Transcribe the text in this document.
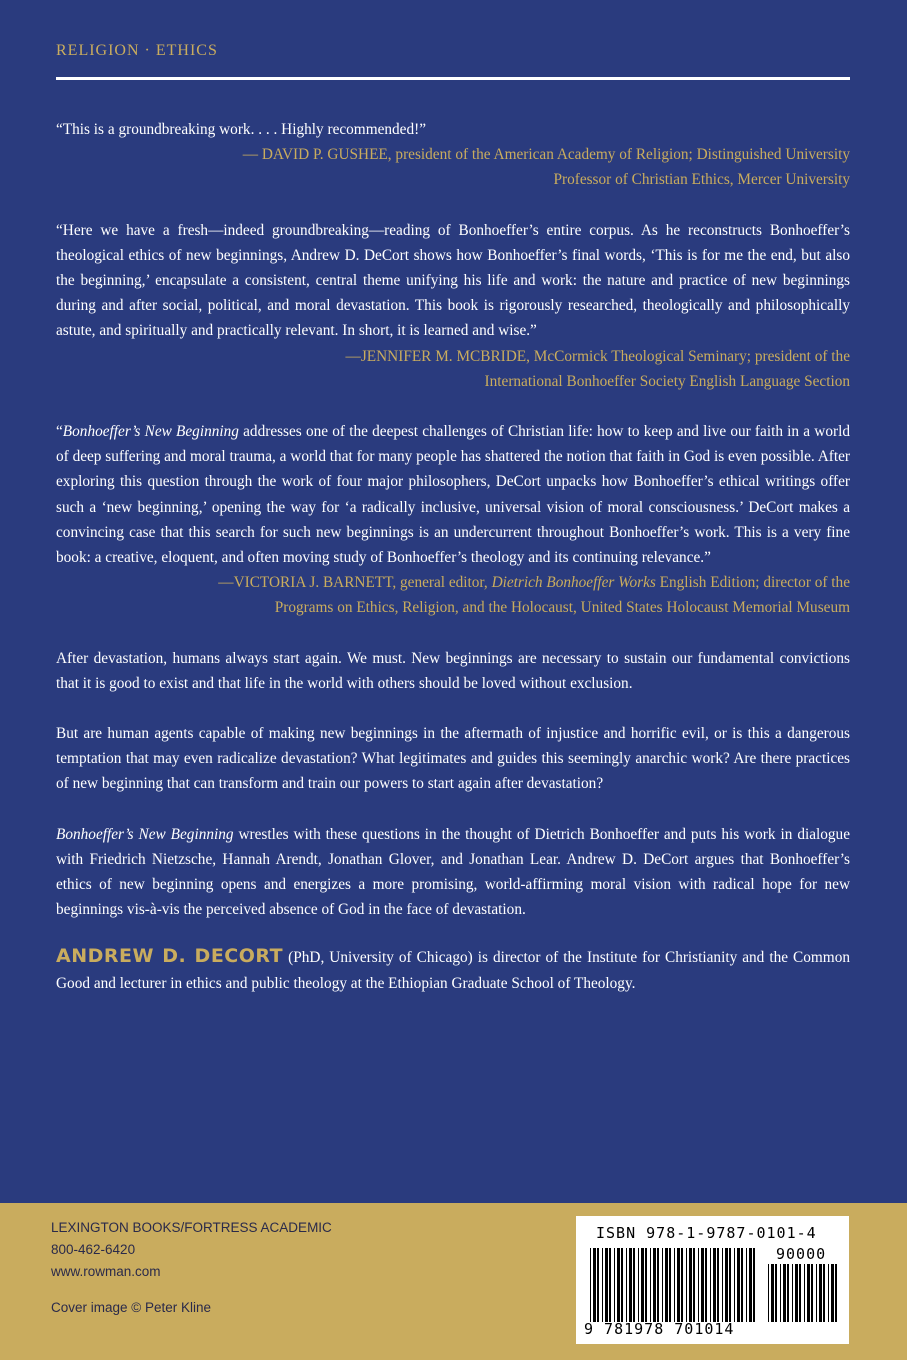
RELIGION · ETHICS

“This is a groundbreaking work. . . . Highly recommended!”

— DAVID P. GUSHEE, president of the American Academy of Religion; Distinguished University

Professor of Christian Ethics, Mercer University

“Here we have a fresh—indeed groundbreaking—reading of Bonhoeffer’s entire corpus. As he reconstructs Bonhoeffer’s theological ethics of new beginnings, Andrew D. DeCort shows how Bonhoeffer’s final words, ‘This is for me the end, but also the beginning,’ encapsulate a consistent, central theme unifying his life and work: the nature and practice of new beginnings during and after social, political, and moral devastation. This book is rigorously researched, theologically and philosophically astute, and spiritually and practically relevant. In short, it is learned and wise.”

—JENNIFER M. MCBRIDE, McCormick Theological Seminary; president of the

International Bonhoeffer Society English Language Section

“Bonhoeffer’s New Beginning addresses one of the deepest challenges of Christian life: how to keep and live our faith in a world of deep suffering and moral trauma, a world that for many people has shattered the notion that faith in God is even possible. After exploring this question through the work of four major philosophers, DeCort unpacks how Bonhoeffer’s ethical writings offer such a ‘new beginning,’ opening the way for ‘a radically inclusive, universal vision of moral consciousness.’ DeCort makes a convincing case that this search for such new beginnings is an undercurrent throughout Bonhoeffer’s work. This is a very fine book: a creative, eloquent, and often moving study of Bonhoeffer’s theology and its continuing relevance.”

—VICTORIA J. BARNETT, general editor, Dietrich Bonhoeffer Works English Edition; director of the

Programs on Ethics, Religion, and the Holocaust, United States Holocaust Memorial Museum

After devastation, humans always start again. We must. New beginnings are necessary to sustain our fundamental convictions that it is good to exist and that life in the world with others should be loved without exclusion.

But are human agents capable of making new beginnings in the aftermath of injustice and horrific evil, or is this a dangerous temptation that may even radicalize devastation? What legitimates and guides this seemingly anarchic work? Are there practices of new beginning that can transform and train our powers to start again after devastation?

Bonhoeffer’s New Beginning wrestles with these questions in the thought of Dietrich Bonhoeffer and puts his work in dialogue with Friedrich Nietzsche, Hannah Arendt, Jonathan Glover, and Jonathan Lear. Andrew D. DeCort argues that Bonhoeffer’s ethics of new beginning opens and energizes a more promising, world-affirming moral vision with radical hope for new beginnings vis-à-vis the perceived absence of God in the face of devastation.

ANDREW D. DECORT (PhD, University of Chicago) is director of the Institute for Christianity and the Common Good and lecturer in ethics and public theology at the Ethiopian Graduate School of Theology.

LEXINGTON BOOKS/FORTRESS ACADEMIC
800-462-6420
www.rowman.com
Cover image © Peter Kline
ISBN 978-1-9787-0101-4
90000
9 781978 701014
